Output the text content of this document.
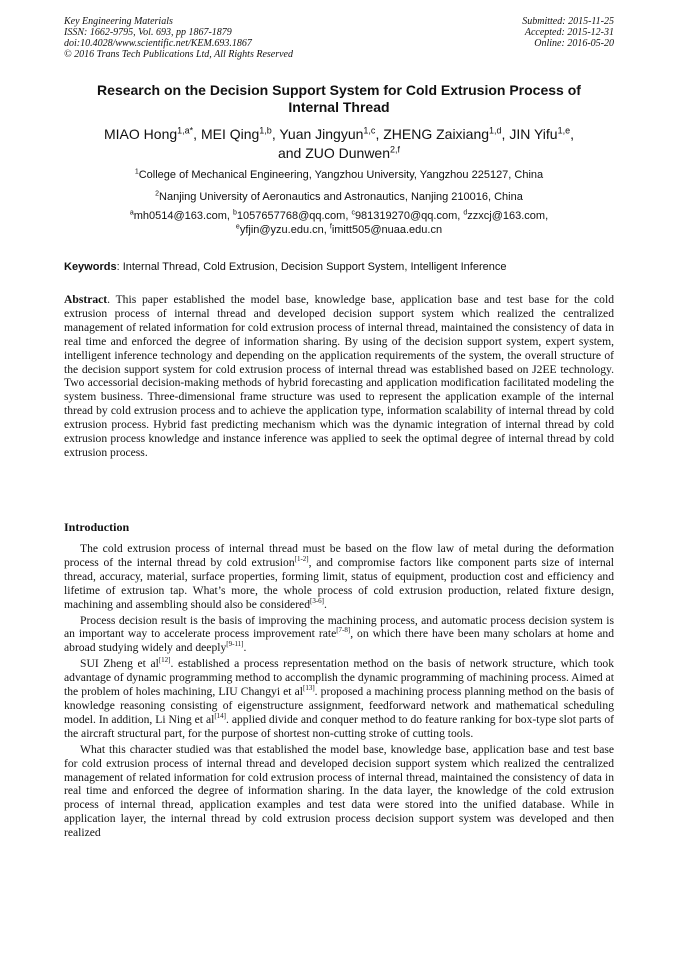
Key Engineering Materials
ISSN: 1662-9795, Vol. 693, pp 1867-1879
doi:10.4028/www.scientific.net/KEM.693.1867
© 2016 Trans Tech Publications Ltd, All Rights Reserved
Submitted: 2015-11-25
Accepted: 2015-12-31
Online: 2016-05-20
Research on the Decision Support System for Cold Extrusion Process of
Internal Thread
MIAO Hong$^{1,a*}$, MEI Qing$^{1,b}$, Yuan Jingyun$^{1,c}$, ZHENG Zaixiang$^{1,d}$, JIN Yifu$^{1,e}$,
and ZUO Dunwen$^{2,f}$
$^1$College of Mechanical Engineering, Yangzhou University, Yangzhou 225127, China
$^2$Nanjing University of Aeronautics and Astronautics, Nanjing 210016, China
$^a$mh0514@163.com, $^b$1057657768@qq.com, $^c$981319270@qq.com, $^d$zzxcj@163.com,
$^e$yfjin@yzu.edu.cn, $^f$imitt505@nuaa.edu.cn
Keywords: Internal Thread, Cold Extrusion, Decision Support System, Intelligent Inference
Abstract. This paper established the model base, knowledge base, application base and test base for the cold extrusion process of internal thread and developed decision support system which realized the centralized management of related information for cold extrusion process of internal thread, maintained the consistency of data in real time and enforced the degree of information sharing. By using of the decision support system, expert system, intelligent inference technology and depending on the application requirements of the system, the overall structure of the decision support system for cold extrusion process of internal thread was established based on J2EE technology. Two accessorial decision-making methods of hybrid forecasting and application modification facilitated modeling the system business. Three-dimensional frame structure was used to represent the application example of the internal thread by cold extrusion process and to achieve the application type, information scalability of internal thread by cold extrusion process. Hybrid fast predicting mechanism which was the dynamic integration of internal thread by cold extrusion process knowledge and instance inference was applied to seek the optimal degree of internal thread by cold extrusion process.
Introduction

The cold extrusion process of internal thread must be based on the flow law of metal during the deformation process of the internal thread by cold extrusion[1-2], and compromise factors like component parts size of internal thread, accuracy, material, surface properties, forming limit, status of equipment, production cost and efficiency and lifetime of extrusion tap. What’s more, the whole process of cold extrusion production, related fixture design, machining and assembling should also be considered[3-6].

Process decision result is the basis of improving the machining process, and automatic process decision system is an important way to accelerate process improvement rate[7-8], on which there have been many scholars at home and abroad studying widely and deeply[9-11].

SUI Zheng et al[12]. established a process representation method on the basis of network structure, which took advantage of dynamic programming method to accomplish the dynamic programming of machining process. Aimed at the problem of holes machining, LIU Changyi et al[13]. proposed a machining process planning method on the basis of knowledge reasoning consisting of eigenstructure assignment, feedforward network and mathematical scheduling model. In addition, Li Ning et al[14]. applied divide and conquer method to do feature ranking for box-type slot parts of the aircraft structural part, for the purpose of shortest non-cutting stroke of cutting tools.

What this character studied was that established the model base, knowledge base, application base and test base for cold extrusion process of internal thread and developed decision support system which realized the centralized management of related information for cold extrusion process of internal thread, maintained the consistency of data in real time and enforced the degree of information sharing. In the data layer, the knowledge of the cold extrusion process of internal thread, application examples and test data were stored into the unified database. While in application layer, the internal thread by cold extrusion process decision support system was developed and then realized
